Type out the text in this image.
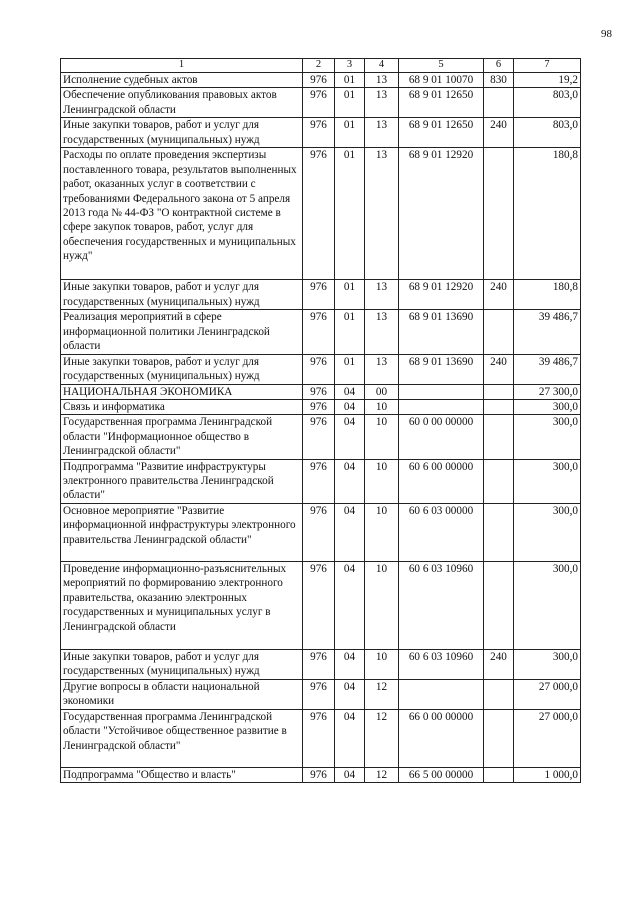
98
1	2	3	4	5	6	7
Исполнение судебных актов	976	01	13	68 9 01 10070	830	19,2
Обеспечение опубликования правовых актов Ленинградской области	976	01	13	68 9 01 12650		803,0
Иные закупки товаров, работ и услуг для государственных (муниципальных) нужд	976	01	13	68 9 01 12650	240	803,0
Расходы по оплате проведения экспертизы поставленного товара, результатов выполненных работ, оказанных услуг в соответствии с требованиями Федерального закона от 5 апреля 2013 года № 44-ФЗ "О контрактной системе в сфере закупок товаров, работ, услуг для обеспечения государственных и муниципальных нужд"	976	01	13	68 9 01 12920		180,8
Иные закупки товаров, работ и услуг для государственных (муниципальных) нужд	976	01	13	68 9 01 12920	240	180,8
Реализация мероприятий в сфере информационной политики Ленинградской области	976	01	13	68 9 01 13690		39 486,7
Иные закупки товаров, работ и услуг для государственных (муниципальных) нужд	976	01	13	68 9 01 13690	240	39 486,7
НАЦИОНАЛЬНАЯ ЭКОНОМИКА	976	04	00			27 300,0
Связь и информатика	976	04	10			300,0
Государственная программа Ленинградской области "Информационное общество в Ленинградской области"	976	04	10	60 0 00 00000		300,0
Подпрограмма "Развитие инфраструктуры электронного правительства Ленинградской области"	976	04	10	60 6 00 00000		300,0
Основное мероприятие "Развитие информационной инфраструктуры электронного правительства Ленинградской области"	976	04	10	60 6 03 00000		300,0
Проведение информационно-разъяснительных мероприятий по формированию электронного правительства, оказанию электронных государственных и муниципальных услуг в Ленинградской области	976	04	10	60 6 03 10960		300,0
Иные закупки товаров, работ и услуг для государственных (муниципальных) нужд	976	04	10	60 6 03 10960	240	300,0
Другие вопросы в области национальной экономики	976	04	12			27 000,0
Государственная программа Ленинградской области "Устойчивое общественное развитие в Ленинградской области"	976	04	12	66 0 00 00000		27 000,0
Подпрограмма "Общество и власть"	976	04	12	66 5 00 00000		1 000,0
